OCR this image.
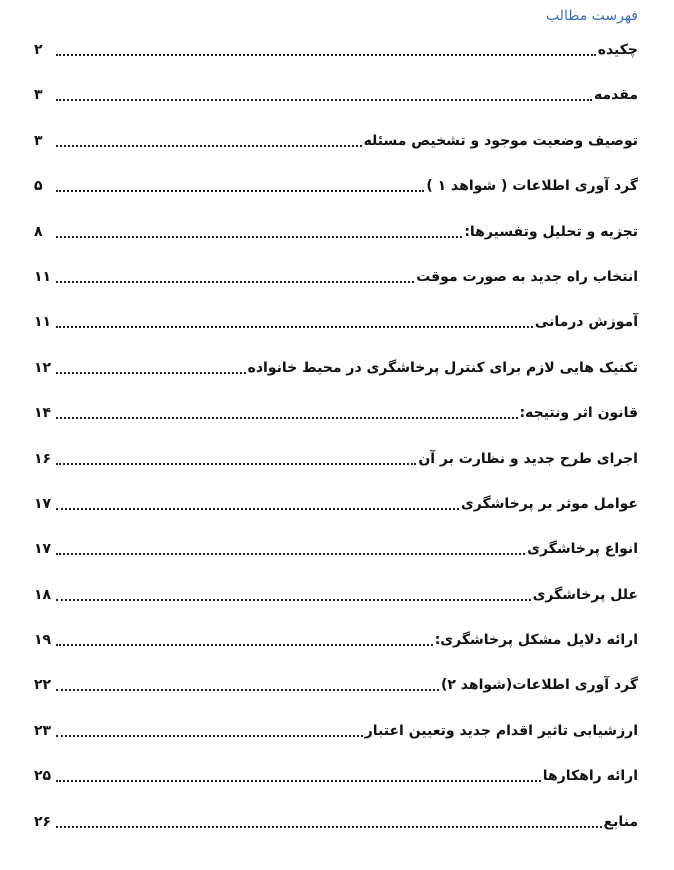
فهرست مطالب
چکیده
۲
مقدمه
۳
توصیف وضعیت موجود و تشخیص مسئله
۳
گرد آوری اطلاعات ( شواهد ۱ )
۵
تجزیه و تحلیل وتفسیرها:
۸
انتخاب راه جدید به صورت موقت
۱۱
آموزش درمانی
۱۱
تکنیک هایی لازم برای کنترل پرخاشگری در محیط خانواده
۱۲
قانون اثر ونتیجه:
۱۴
اجرای طرح جدید و نظارت بر آن
۱۶
عوامل موثر بر پرخاشگری
۱۷
انواع پرخاشگری
۱۷
علل پرخاشگری
۱۸
ارائه دلایل مشکل پرخاشگری:
۱۹
گرد آوری اطلاعات(شواهد ۲)
۲۲
ارزشیابی تاثیر اقدام جدید وتعیین اعتبار
۲۳
ارائه راهکارها
۲۵
منابع
۲۶
